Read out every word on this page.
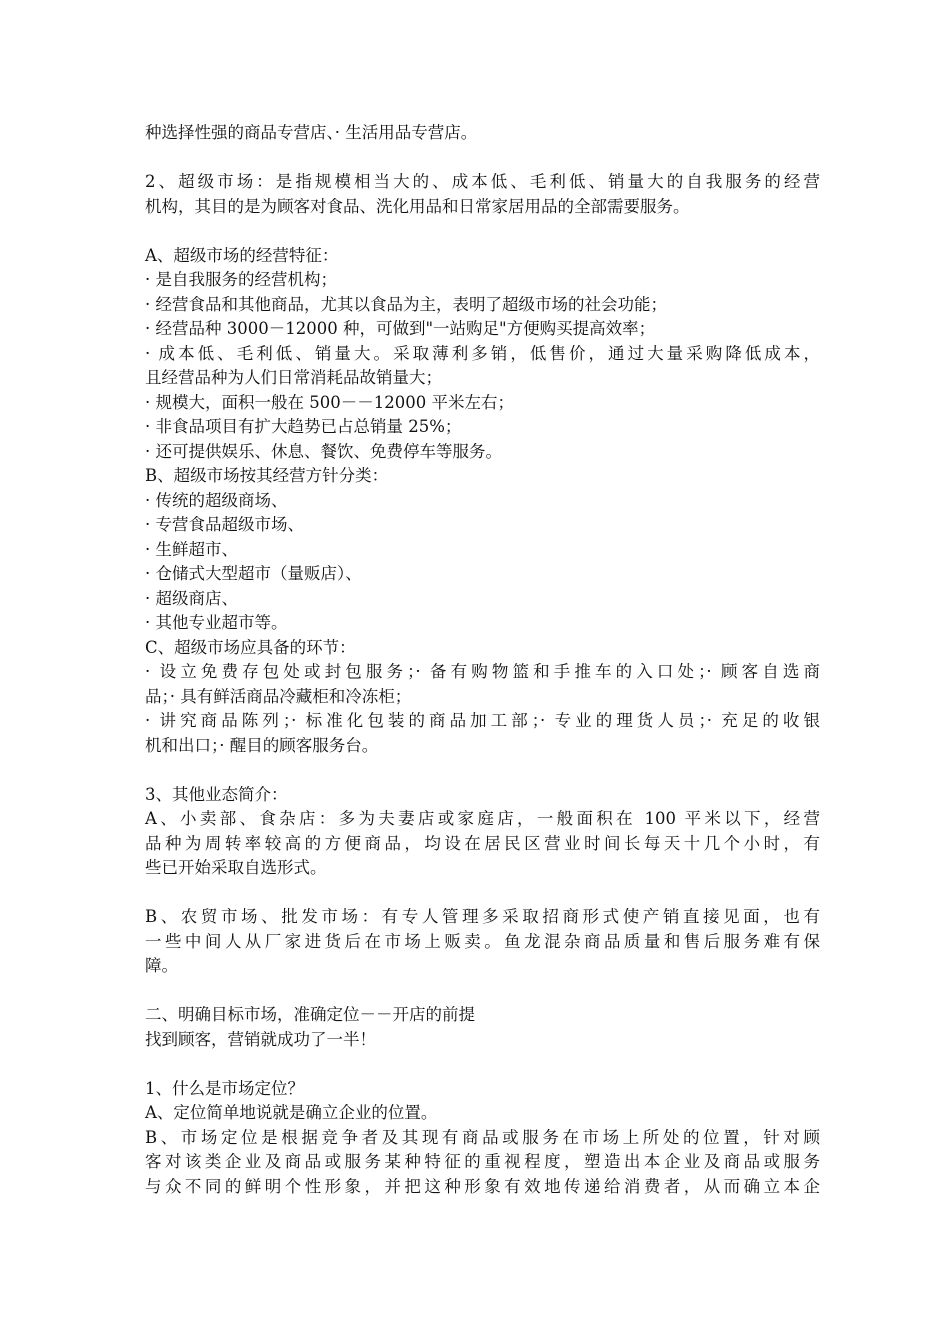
种选择性强的商品专营店、· 生活用品专营店。
2、超级市场：是指规模相当大的、成本低、毛利低、销量大的自我服务的经营
机构，其目的是为顾客对食品、洗化用品和日常家居用品的全部需要服务。
A、超级市场的经营特征：
· 是自我服务的经营机构；
· 经营食品和其他商品，尤其以食品为主，表明了超级市场的社会功能；
· 经营品种 3000－12000 种，可做到"一站购足"方便购买提高效率；
· 成本低、毛利低、销量大。采取薄利多销，低售价，通过大量采购降低成本，
且经营品种为人们日常消耗品故销量大；
· 规模大，面积一般在 500－－12000 平米左右；
· 非食品项目有扩大趋势已占总销量 25%；
· 还可提供娱乐、休息、餐饮、免费停车等服务。
B、超级市场按其经营方针分类：
· 传统的超级商场、
· 专营食品超级市场、
· 生鲜超市、
· 仓储式大型超市（量贩店）、
· 超级商店、
· 其他专业超市等。
C、超级市场应具备的环节：
· 设立免费存包处或封包服务；· 备有购物篮和手推车的入口处；· 顾客自选商
品；· 具有鲜活商品冷藏柜和冷冻柜；
· 讲究商品陈列；· 标准化包装的商品加工部；· 专业的理货人员；· 充足的收银
机和出口；· 醒目的顾客服务台。
3、其他业态简介：
A、小卖部、食杂店：多为夫妻店或家庭店，一般面积在 100 平米以下，经营
品种为周转率较高的方便商品，均设在居民区营业时间长每天十几个小时，有
些已开始采取自选形式。
B、农贸市场、批发市场：有专人管理多采取招商形式使产销直接见面，也有
一些中间人从厂家进货后在市场上贩卖。鱼龙混杂商品质量和售后服务难有保
障。
二、明确目标市场，准确定位－－开店的前提
找到顾客，营销就成功了一半！
1、什么是市场定位？
A、定位简单地说就是确立企业的位置。
B、市场定位是根据竞争者及其现有商品或服务在市场上所处的位置，针对顾
客对该类企业及商品或服务某种特征的重视程度，塑造出本企业及商品或服务
与众不同的鲜明个性形象，并把这种形象有效地传递给消费者，从而确立本企
